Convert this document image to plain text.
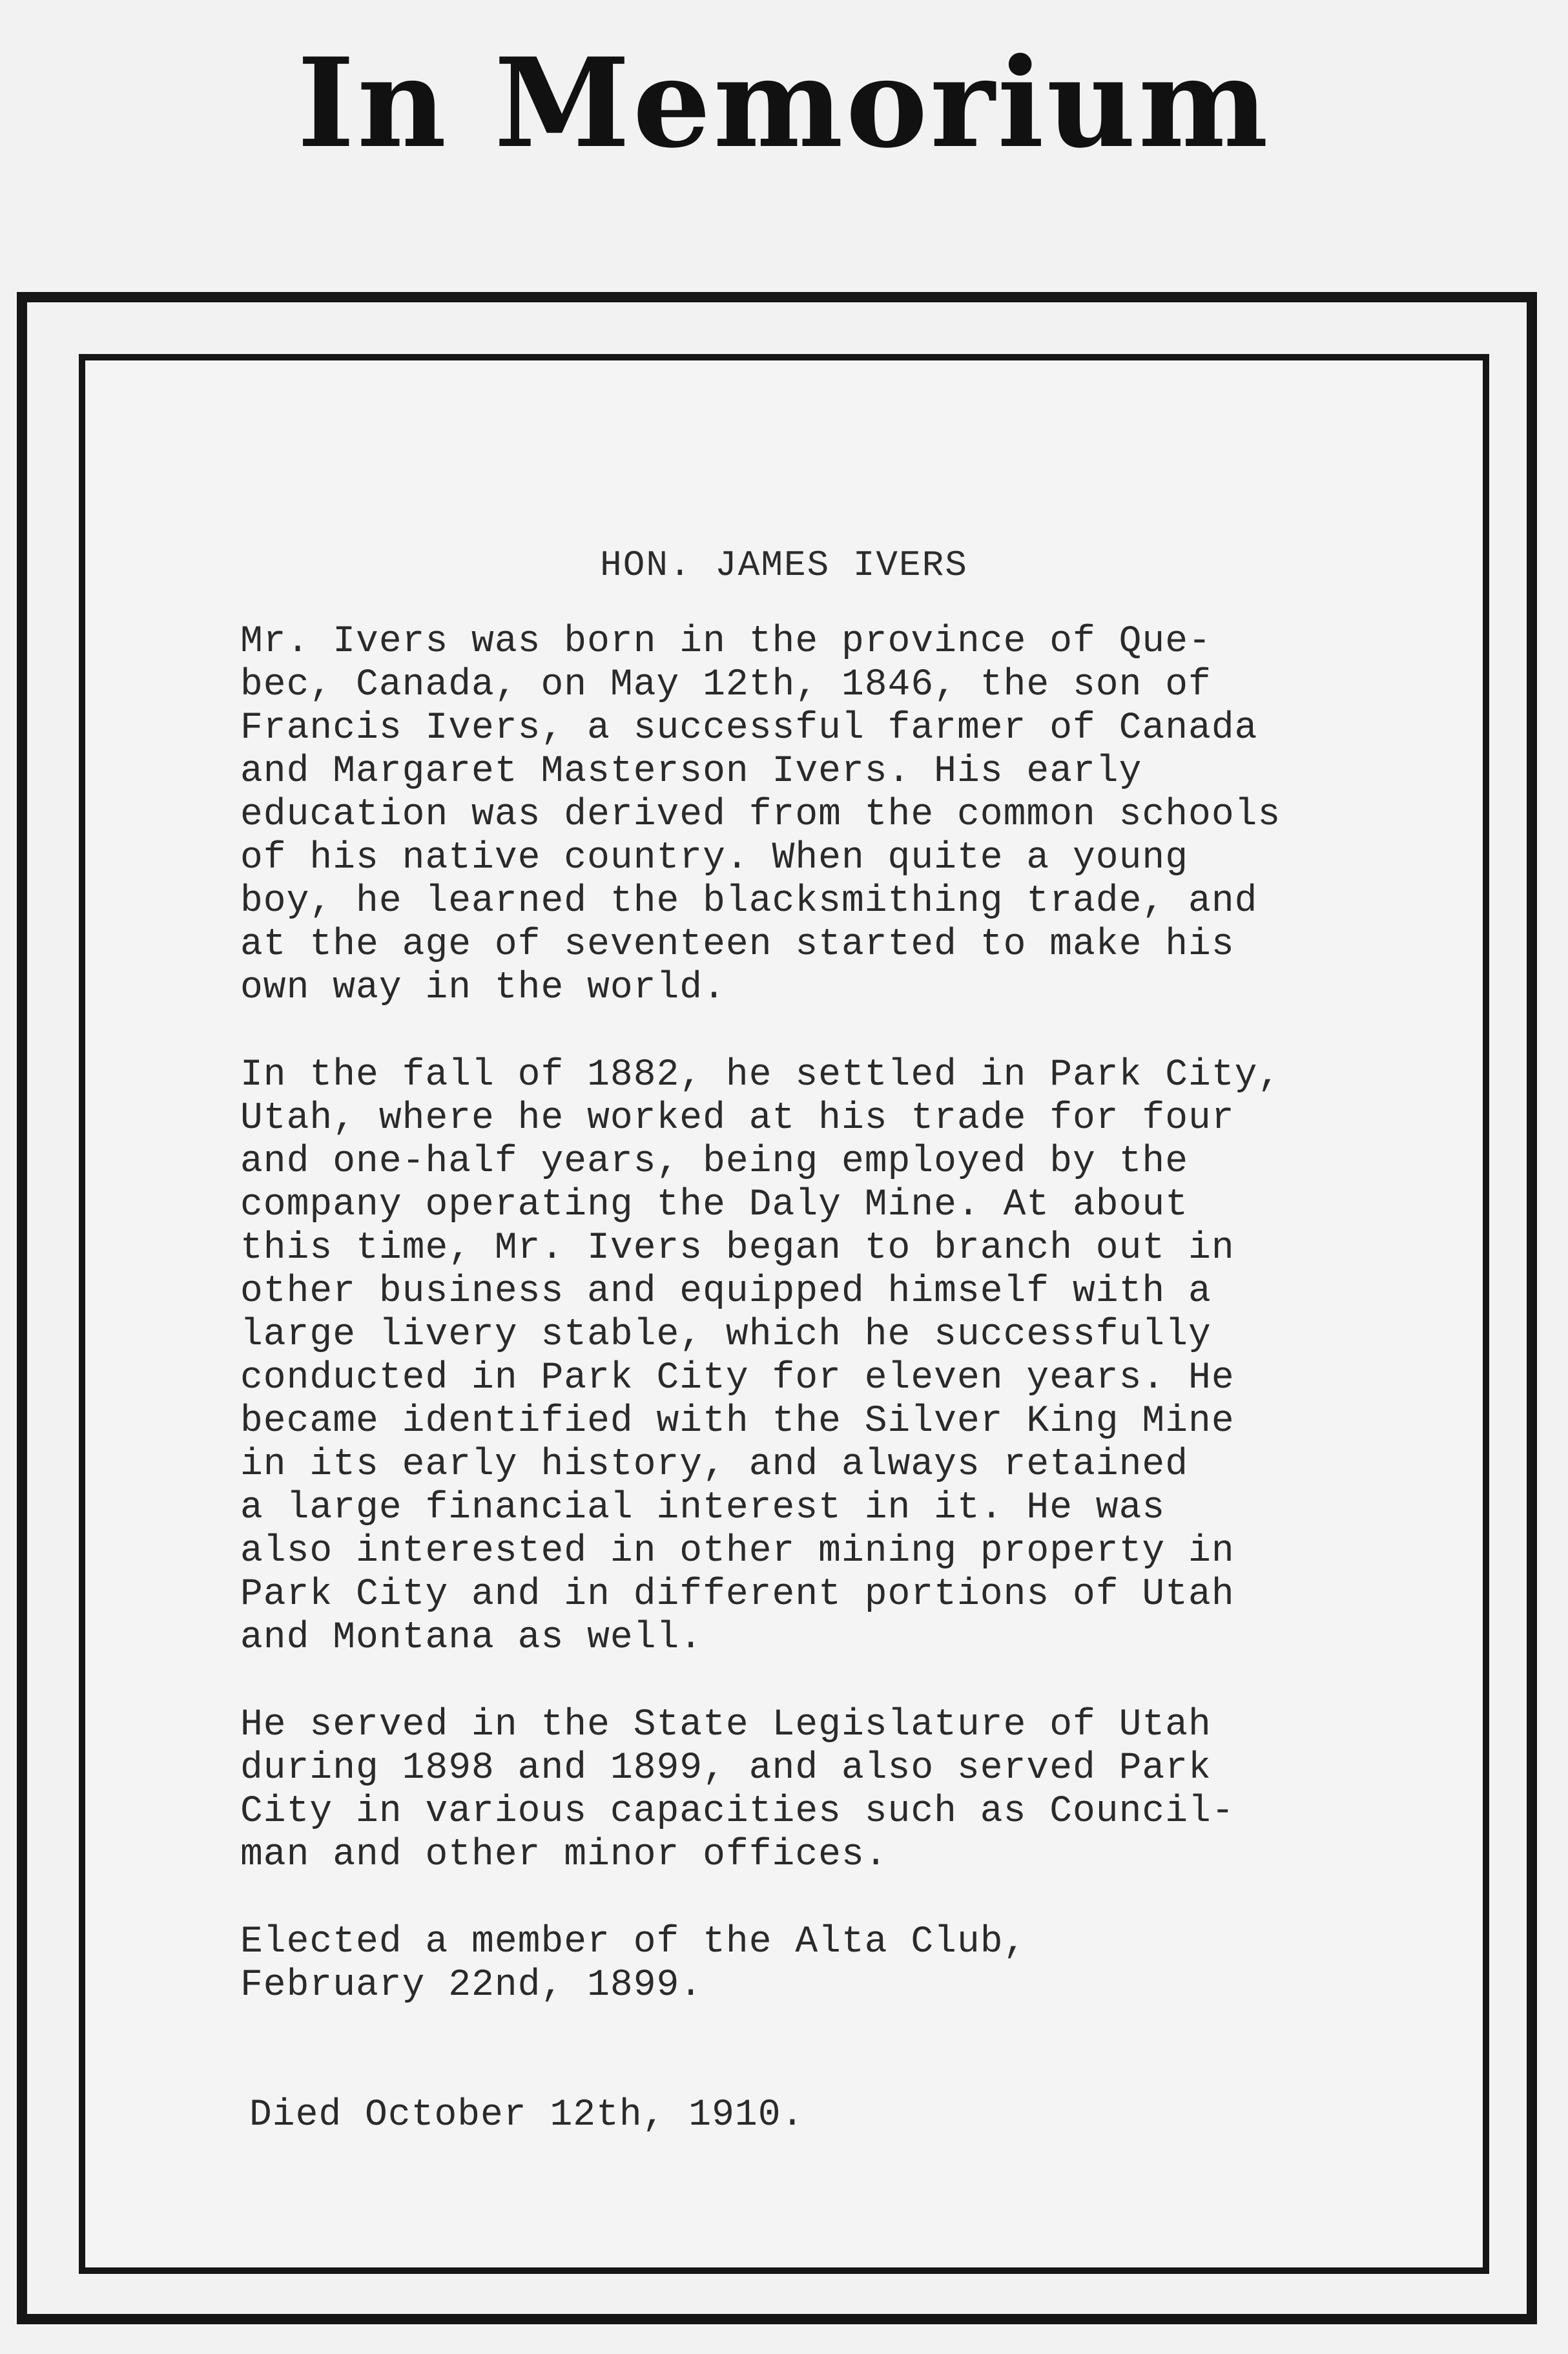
In Memorium
HON. JAMES IVERS

Mr. Ivers was born in the province of Que-
bec, Canada, on May 12th, 1846, the son of
Francis Ivers, a successful farmer of Canada
and Margaret Masterson Ivers. His early
education was derived from the common schools
of his native country. When quite a young
boy, he learned the blacksmithing trade, and
at the age of seventeen started to make his
own way in the world.

In the fall of 1882, he settled in Park City,
Utah, where he worked at his trade for four
and one-half years, being employed by the
company operating the Daly Mine. At about
this time, Mr. Ivers began to branch out in
other business and equipped himself with a
large livery stable, which he successfully
conducted in Park City for eleven years. He
became identified with the Silver King Mine
in its early history, and always retained
a large financial interest in it. He was
also interested in other mining property in
Park City and in different portions of Utah
and Montana as well.

He served in the State Legislature of Utah
during 1898 and 1899, and also served Park
City in various capacities such as Council-
man and other minor offices.

Elected a member of the Alta Club,
February 22nd, 1899.

Died October 12th, 1910.
